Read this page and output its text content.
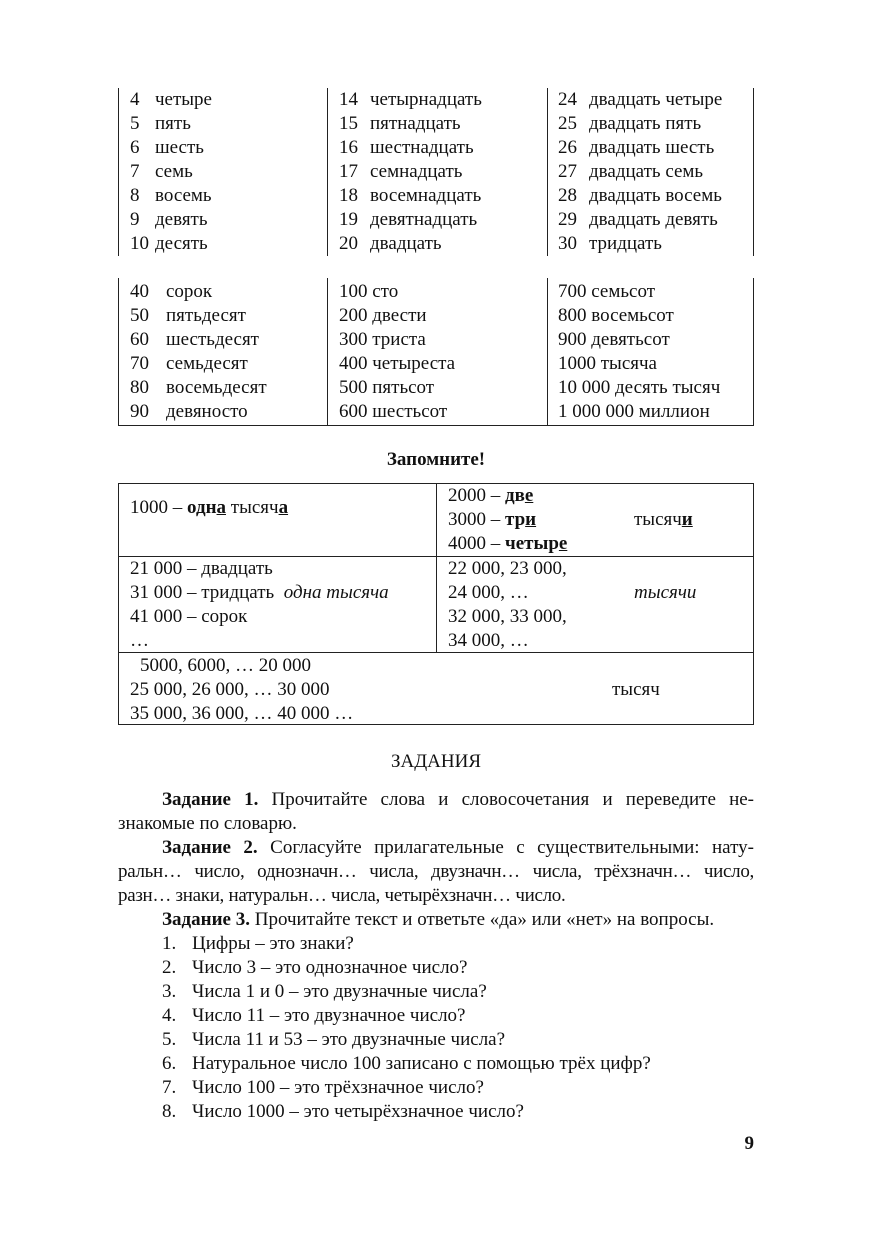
4 четыре
5 пять
6 шесть
7 семь
8 восемь
9 девять
10 десять
14 четырнадцать
15 пятнадцать
16 шестнадцать
17 семнадцать
18 восемнадцать
19 девятнадцать
20 двадцать
24 двадцать четыре
25 двадцать пять
26 двадцать шесть
27 двадцать семь
28 двадцать восемь
29 двадцать девять
30 тридцать
40 сорок
50 пятьдесят
60 шестьдесят
70 семьдесят
80 восемьдесят
90 девяносто
100 сто
200 двести
300 триста
400 четыреста
500 пятьсот
600 шестьсот
700 семьсот
800 восемьсот
900 девятьсот
1000 тысяча
10 000 десять тысяч
1 000 000 миллион
Запомните!
1000 – одна тысяча
2000 – две
3000 – три
4000 – четыре
тысячи
21 000 – двадцать
31 000 – тридцать одна тысяча
41 000 – сорок
…
22 000, 23 000,
24 000, …
32 000, 33 000,
34 000, …
тысячи
5000, 6000, … 20 000
25 000, 26 000, … 30 000
35 000, 36 000, … 40 000 …
тысяч
ЗАДАНИЯ
Задание 1. Прочитайте слова и словосочетания и переведите не-
знакомые по словарю.
Задание 2. Согласуйте прилагательные с существительными: нату-
ральн… число, однозначн… числа, двузначн… числа, трёхзначн… число,
разн… знаки, натуральн… числа, четырёхзначн… число.
Задание 3. Прочитайте текст и ответьте «да» или «нет» на вопросы.
1. Цифры – это знаки?
2. Число 3 – это однозначное число?
3. Числа 1 и 0 – это двузначные числа?
4. Число 11 – это двузначное число?
5. Числа 11 и 53 – это двузначные числа?
6. Натуральное число 100 записано с помощью трёх цифр?
7. Число 100 – это трёхзначное число?
8. Число 1000 – это четырёхзначное число?
9
